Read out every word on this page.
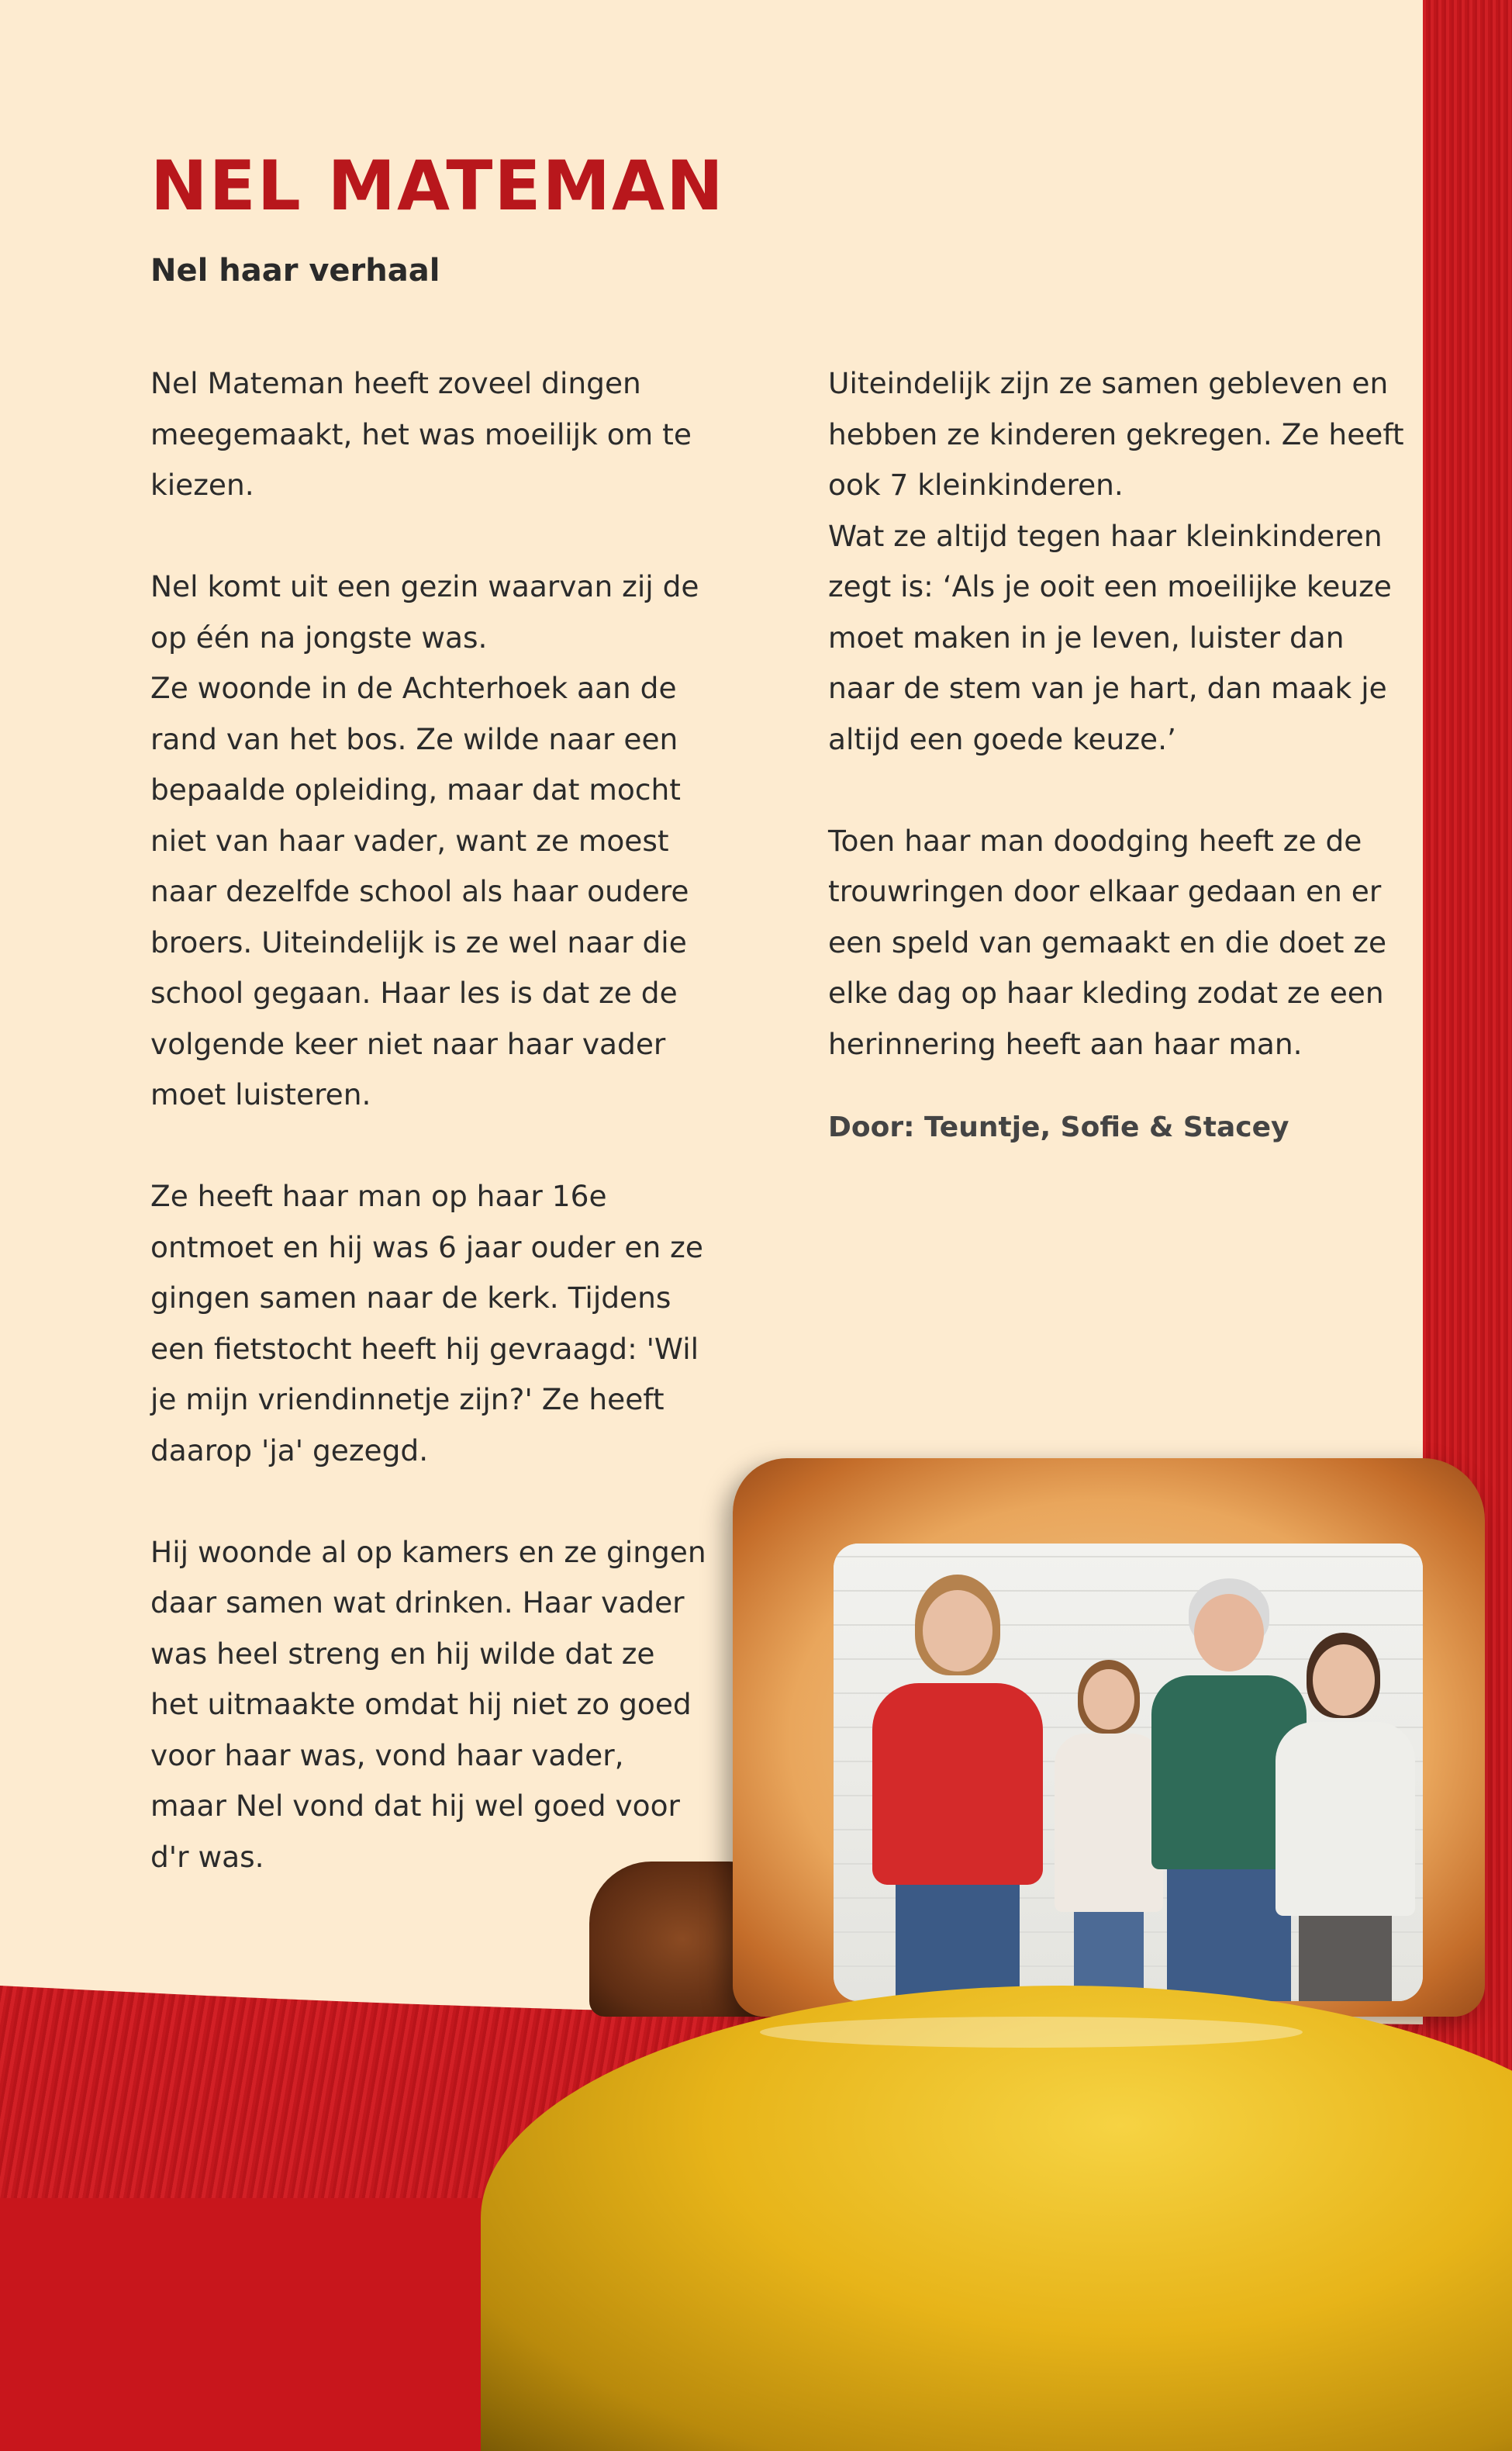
NEL MATEMAN
Nel haar verhaal

Nel Mateman heeft zoveel dingen meegemaakt, het was moeilijk om te kiezen.

Nel komt uit een gezin waarvan zij de op één na jongste was.
Ze woonde in de Achterhoek aan de rand van het bos. Ze wilde naar een bepaalde opleiding, maar dat mocht niet van haar vader, want ze moest naar dezelfde school als haar oudere broers. Uiteindelijk is ze wel naar die school gegaan. Haar les is dat ze de volgende keer niet naar haar vader moet luisteren.

Ze heeft haar man op haar 16e ontmoet en hij was 6 jaar ouder en ze gingen samen naar de kerk. Tijdens een fietstocht heeft hij gevraagd: 'Wil je mijn vriendinnetje zijn?' Ze heeft daarop 'ja' gezegd.

Hij woonde al op kamers en ze gingen daar samen wat drinken. Haar vader was heel streng en hij wilde dat ze het uitmaakte omdat hij niet zo goed voor haar was, vond haar vader, maar Nel vond dat hij wel goed voor d'r was.

Uiteindelijk zijn ze samen gebleven en hebben ze kinderen gekregen. Ze heeft ook 7 kleinkinderen.
Wat ze altijd tegen haar kleinkinderen zegt is: ‘Als je ooit een moeilijke keuze moet maken in je leven, luister dan naar de stem van je hart, dan maak je altijd een goede keuze.’

Toen haar man doodging heeft ze de trouwringen door elkaar gedaan en er een speld van gemaakt en die doet ze elke dag op haar kleding zodat ze een herinnering heeft aan haar man.

Door: Teuntje, Sofie & Stacey
